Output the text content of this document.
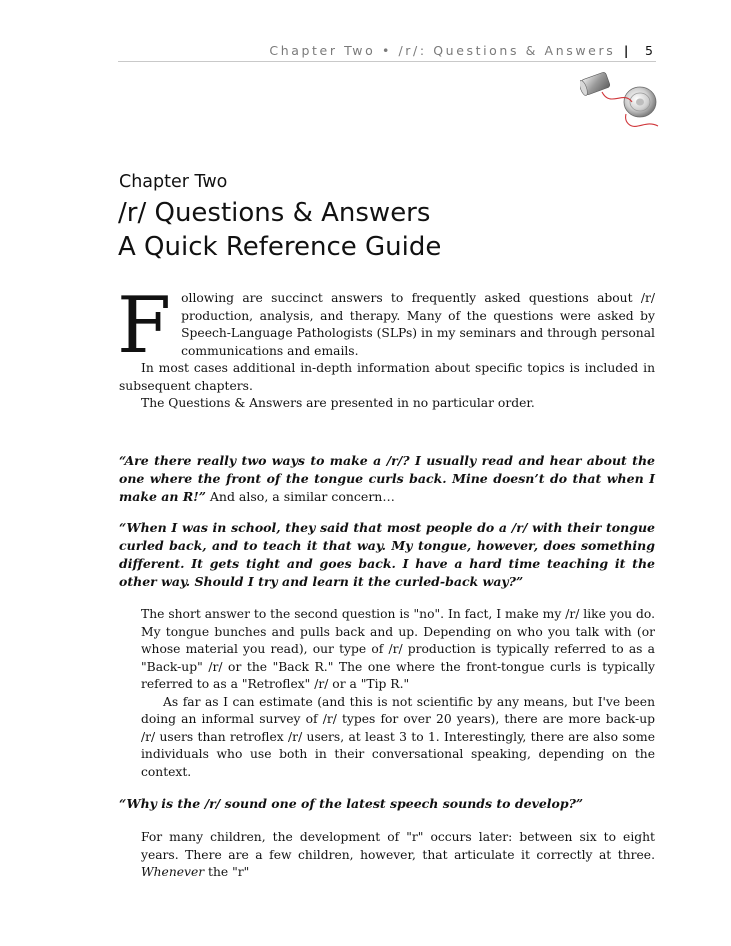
Chapter Two • /r/: Questions & Answers | 5
Chapter Two
/r/ Questions & Answers
A Quick Reference Guide

Following are succinct answers to frequently asked questions about /r/ production, analysis, and therapy. Many of the questions were asked by Speech-Language Pathologists (SLPs) in my seminars and through personal communications and emails.

In most cases additional in-depth information about specific topics is included in subsequent chapters.

The Questions & Answers are presented in no particular order.

“Are there really two ways to make a /r/? I usually read and hear about the one where the front of the tongue curls back. Mine doesn’t do that when I make an R!” And also, a similar concern…

“When I was in school, they said that most people do a /r/ with their tongue curled back, and to teach it that way. My tongue, however, does something different. It gets tight and goes back. I have a hard time teaching it the other way. Should I try and learn it the curled-back way?”

The short answer to the second question is "no". In fact, I make my /r/ like you do. My tongue bunches and pulls back and up. Depending on who you talk with (or whose material you read), our type of /r/ production is typically referred to as a "Back-up" /r/ or the "Back R." The one where the front-tongue curls is typically referred to as a "Retroflex" /r/ or a "Tip R."

As far as I can estimate (and this is not scientific by any means, but I've been doing an informal survey of /r/ types for over 20 years), there are more back-up /r/ users than retroflex /r/ users, at least 3 to 1. Interestingly, there are also some individuals who use both in their conversational speaking, depending on the context.

“Why is the /r/ sound one of the latest speech sounds to develop?”

For many children, the development of "r" occurs later: between six to eight years. There are a few children, however, that articulate it correctly at three. Whenever the "r"
